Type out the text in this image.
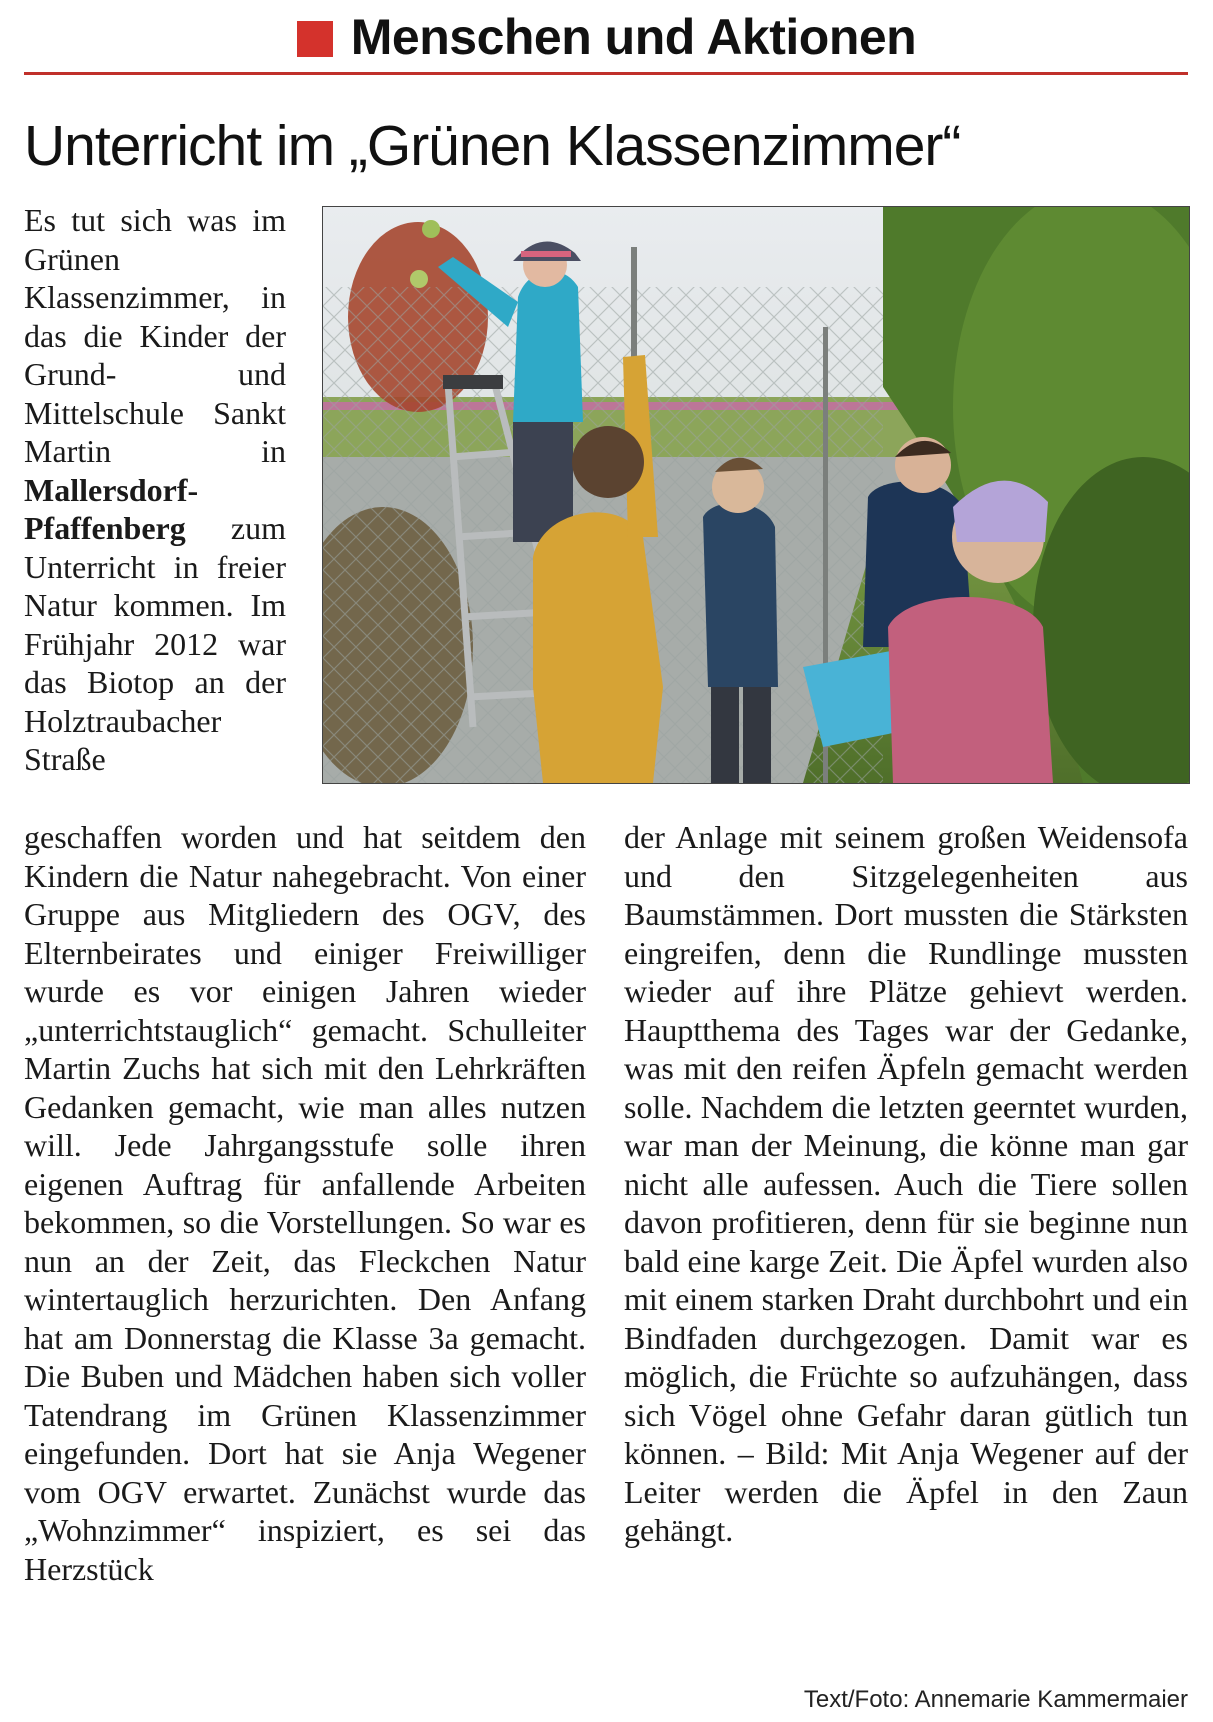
Menschen und Aktionen
Unterricht im „Grünen Klassenzimmer“

Es tut sich was im Grünen Klassenzimmer, in das die Kinder der Grund- und Mittelschule Sankt Martin in Mallersdorf-Pfaffenberg zum Unterricht in freier Natur kommen. Im Frühjahr 2012 war das Biotop an der Holztraubacher Straße

geschaffen worden und hat seitdem den Kindern die Natur nahegebracht. Von einer Gruppe aus Mitgliedern des OGV, des Elternbeirates und einiger Freiwilliger wurde es vor einigen Jahren wieder „unterrichtstauglich“ gemacht. Schulleiter Martin Zuchs hat sich mit den Lehrkräften Gedanken gemacht, wie man alles nutzen will. Jede Jahrgangsstufe solle ihren eigenen Auftrag für anfallende Arbeiten bekommen, so die Vorstellungen. So war es nun an der Zeit, das Fleckchen Natur wintertauglich herzurichten. Den Anfang hat am Donnerstag die Klasse 3a gemacht. Die Buben und Mädchen haben sich voller Tatendrang im Grünen Klassenzimmer eingefunden. Dort hat sie Anja Wegener vom OGV erwartet. Zunächst wurde das „Wohnzimmer“ inspiziert, es sei das Herzstück

der Anlage mit seinem großen Weidensofa und den Sitzgelegenheiten aus Baumstämmen. Dort mussten die Stärksten eingreifen, denn die Rundlinge mussten wieder auf ihre Plätze gehievt werden. Hauptthema des Tages war der Gedanke, was mit den reifen Äpfeln gemacht werden solle. Nachdem die letzten geerntet wurden, war man der Meinung, die könne man gar nicht alle aufessen. Auch die Tiere sollen davon profitieren, denn für sie beginne nun bald eine karge Zeit. Die Äpfel wurden also mit einem starken Draht durchbohrt und ein Bindfaden durchgezogen. Damit war es möglich, die Früchte so aufzuhängen, dass sich Vögel ohne Gefahr daran gütlich tun können. – Bild: Mit Anja Wegener auf der Leiter werden die Äpfel in den Zaun gehängt.

Text/Foto: Annemarie Kammermaier
